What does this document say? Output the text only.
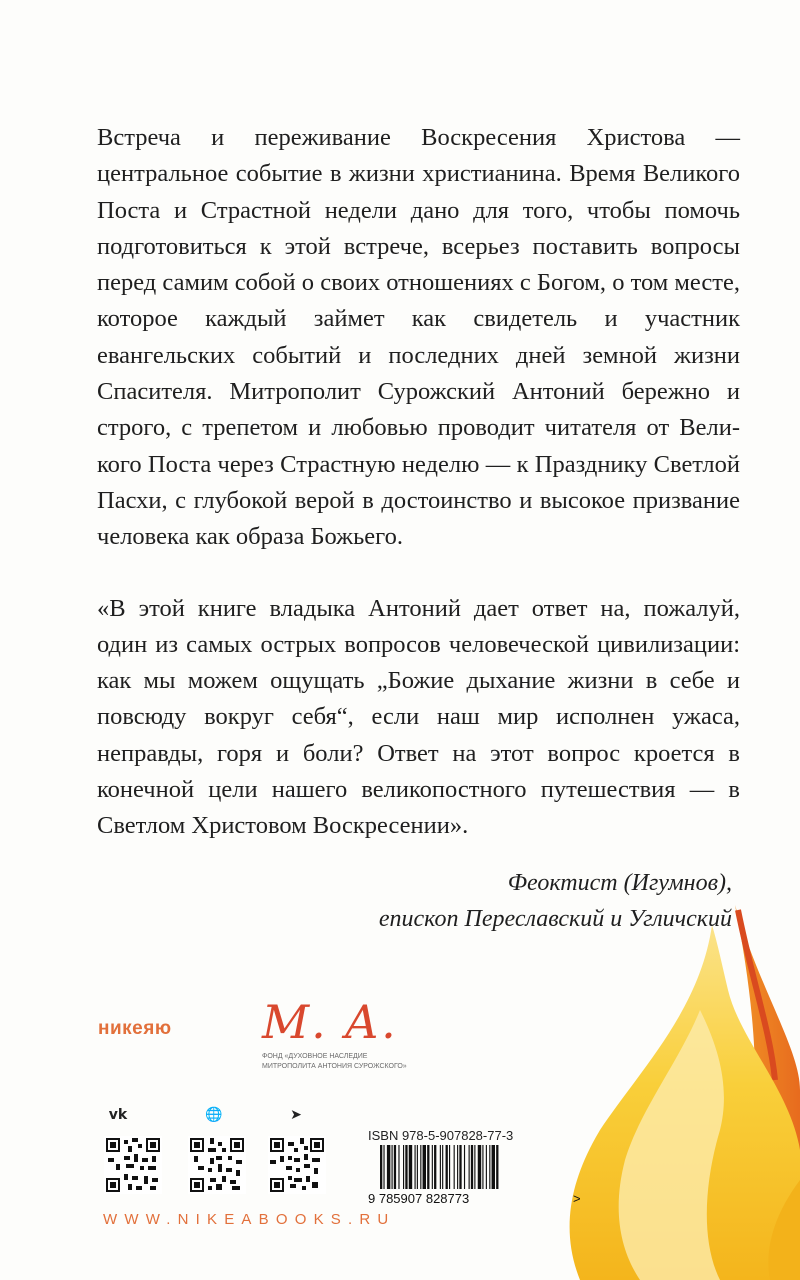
Встреча и переживание Воскресения Христова — центральное событие в жизни христианина. Время Великого Поста и Страстной недели дано для того, чтобы помочь подготовиться к этой встрече, всерьез поставить вопросы перед самим собой о своих отношениях с Богом, о том месте, которое каждый займет как свидетель и участник евангельских событий и последних дней земной жизни Спасителя. Митрополит Сурожский Антоний бережно и строго, с трепетом и любовью проводит читателя от Великого Поста через Страстную неделю — к Празднику Светлой Пасхи, с глубокой верой в достоинство и высокое призвание человека как образа Божьего.

«В этой книге владыка Антоний дает ответ на, пожалуй, один из самых острых вопросов человеческой цивилизации: как мы можем ощущать „Божие дыхание жизни в себе и повсюду вокруг себя“, если наш мир исполнен ужаса, неправды, горя и боли? Ответ на этот вопрос кроется в конечной цели нашего великопостного путешествия — в Светлом Христовом Воскресении».

Феоктист (Игумнов),
епископ Переславский и Угличский
никеяю М. А.
ФОНД «ДУХОВНОЕ НАСЛЕДИЕ МИТРОПОЛИТА АНТОНИЯ СУРОЖСКОГО»
vk	🌐	➤
ISBN 978-5-907828-77-3
9 785907 828773	>
WWW.NIKEABOOKS.RU
